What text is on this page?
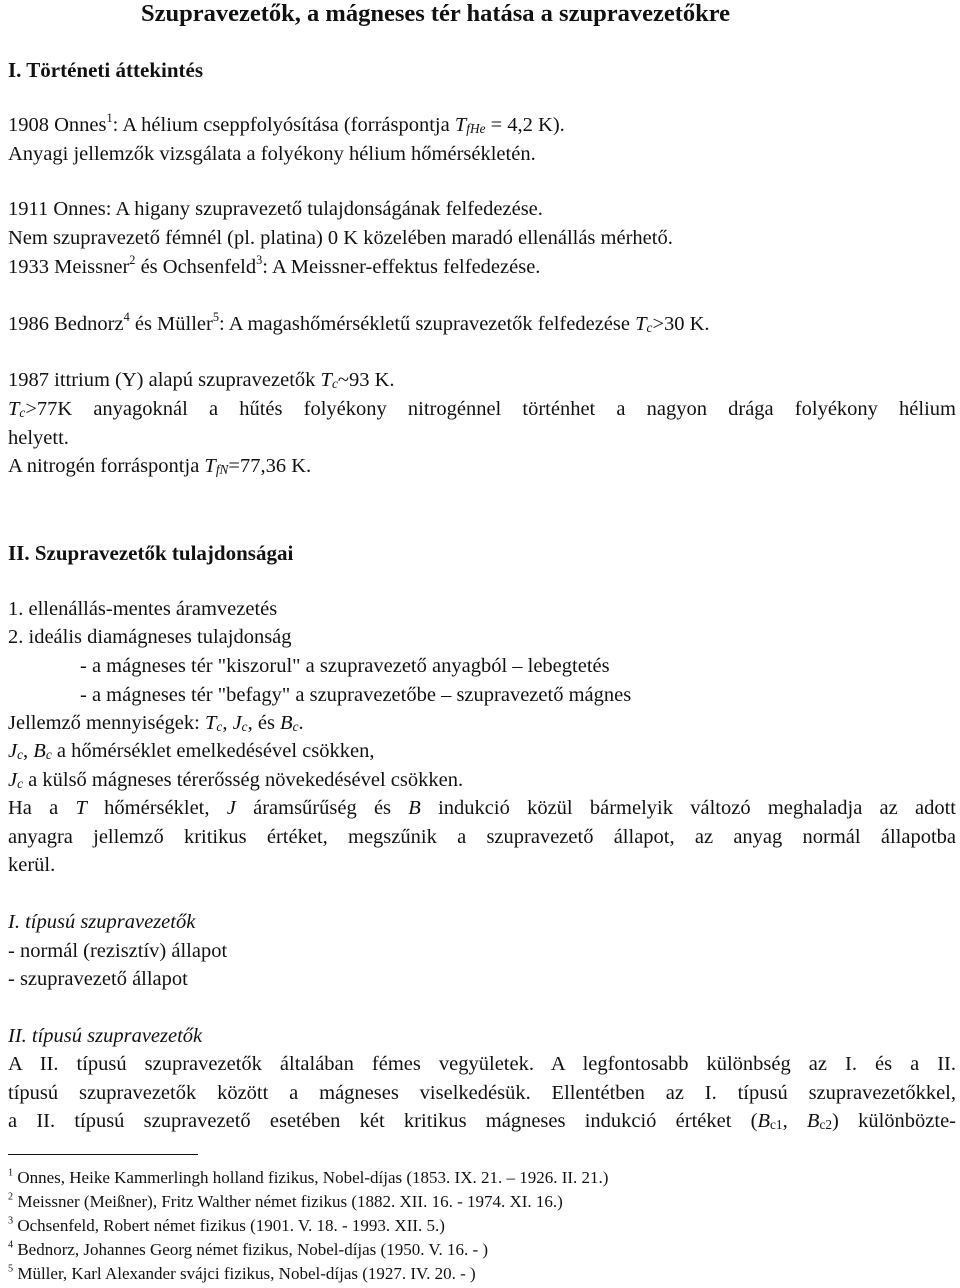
Szupravezetők, a mágneses tér hatása a szupravezetőkre
I. Történeti áttekintés
1908 Onnes$^1$: A hélium cseppfolyósítása (forráspontja $T_{fHe} = 4,2$ K).
Anyagi jellemzők vizsgálata a folyékony hélium hőmérsékletén.
1911 Onnes: A higany szupravezető tulajdonságának felfedezése.
Nem szupravezető fémnél (pl. platina) 0 K közelében maradó ellenállás mérhető.
1933 Meissner$^2$ és Ochsenfeld$^3$: A Meissner-effektus felfedezése.
1986 Bednorz$^4$ és Müller$^5$: A magashőmérsékletű szupravezetők felfedezése $T_c>30$ K.
1987 ittrium (Y) alapú szupravezetők $T_c\sim 93$ K.
$T_c>77K$ anyagoknál a hűtés folyékony nitrogénnel történhet a nagyon drága folyékony hélium
helyett.
A nitrogén forráspontja $T_{fN}=77,36$ K.
II. Szupravezetők tulajdonságai
1. ellenállás-mentes áramvezetés
2. ideális diamágneses tulajdonság
- a mágneses tér "kiszorul" a szupravezető anyagból – lebegtetés
- a mágneses tér "befagy" a szupravezetőbe – szupravezető mágnes
Jellemző mennyiségek: $T_c$, $J_c$, és $B_c$.
$J_c$, $B_c$ a hőmérséklet emelkedésével csökken,
$J_c$ a külső mágneses térerősség növekedésével csökken.
Ha a T hőmérséklet, J áramsűrűség és B indukció közül bármelyik változó meghaladja az adott
anyagra jellemző kritikus értéket, megszűnik a szupravezető állapot, az anyag normál állapotba
kerül.
I. típusú szupravezetők
- normál (rezisztív) állapot
- szupravezető állapot
II. típusú szupravezetők
A II. típusú szupravezetők általában fémes vegyületek. A legfontosabb különbség az I. és a II.
típusú szupravezetők között a mágneses viselkedésük. Ellentétben az I. típusú szupravezetőkkel,
a II. típusú szupravezető esetében két kritikus mágneses indukció értéket ($B_{c1}$, $B_{c2}$) különbözte-
$^1$ Onnes, Heike Kammerlingh holland fizikus, Nobel-díjas (1853. IX. 21. – 1926. II. 21.)
$^2$ Meissner (Meißner), Fritz Walther német fizikus (1882. XII. 16. - 1974. XI. 16.)
$^3$ Ochsenfeld, Robert német fizikus (1901. V. 18. - 1993. XII. 5.)
$^4$ Bednorz, Johannes Georg német fizikus, Nobel-díjas (1950. V. 16. - )
$^5$ Müller, Karl Alexander svájci fizikus, Nobel-díjas (1927. IV. 20. - )
